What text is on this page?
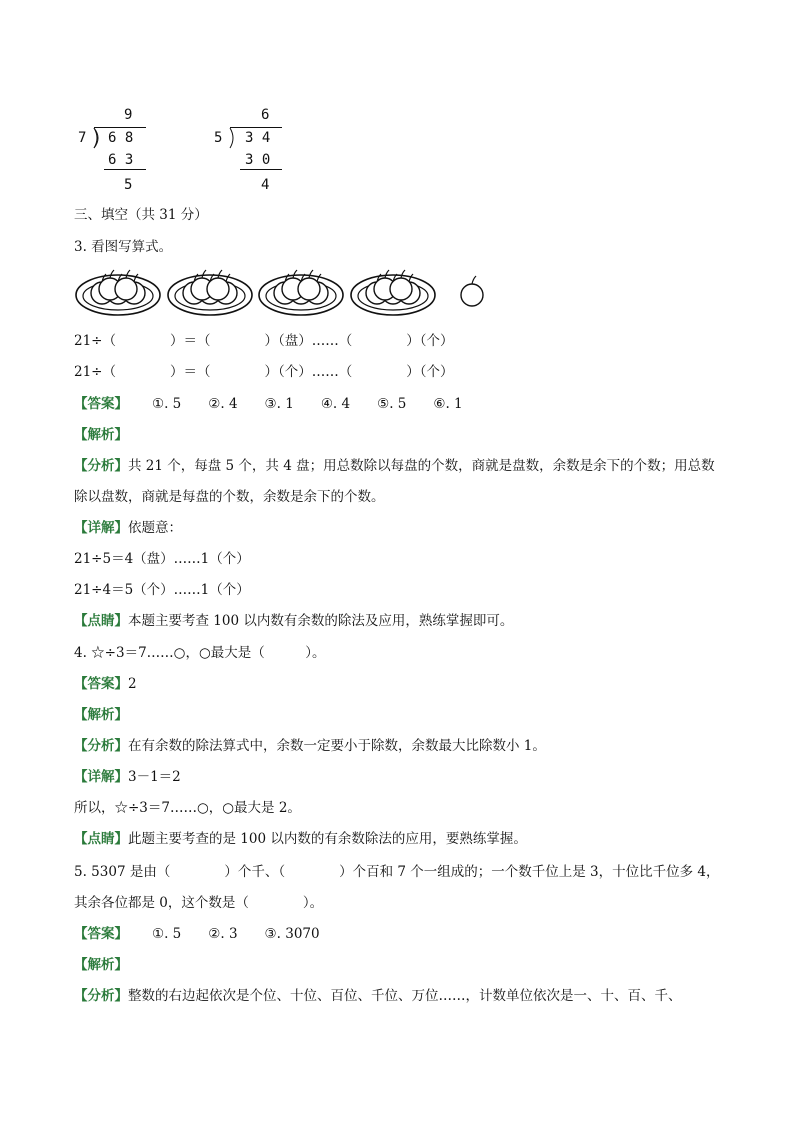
9
7 6 8
6 3
5
6
5 3 4
3 0
4
三、填空（共 31 分）
3. 看图写算式。
21÷（　　　　）＝（　　　　）（盘）……（　　　　）（个）
21÷（　　　　）＝（　　　　）（个）……（　　　　）（个）
【答案】 ①. 5　　②. 4　　③. 1　　④. 4　　⑤. 5　　⑥. 1
【解析】
【分析】共 21 个，每盘 5 个，共 4 盘；用总数除以每盘的个数，商就是盘数，余数是余下的个数；用总数
除以盘数，商就是每盘的个数，余数是余下的个数。
【详解】依题意：
21÷5＝4（盘）……1（个）
21÷4＝5（个）……1（个）
【点睛】本题主要考查 100 以内数有余数的除法及应用，熟练掌握即可。
4. ☆÷3＝7……○，○最大是（　　　）。
【答案】2
【解析】
【分析】在有余数的除法算式中，余数一定要小于除数，余数最大比除数小 1。
【详解】3－1＝2
所以，☆÷3＝7……○，○最大是 2。
【点睛】此题主要考查的是 100 以内数的有余数除法的应用，要熟练掌握。
5. 5307 是由（　　　　）个千、（　　　　）个百和 7 个一组成的；一个数千位上是 3，十位比千位多 4，
其余各位都是 0，这个数是（　　　　）。
【答案】 ①. 5　　②. 3　　③. 3070
【解析】
【分析】整数的右边起依次是个位、十位、百位、千位、万位……，计数单位依次是一、十、百、千、
